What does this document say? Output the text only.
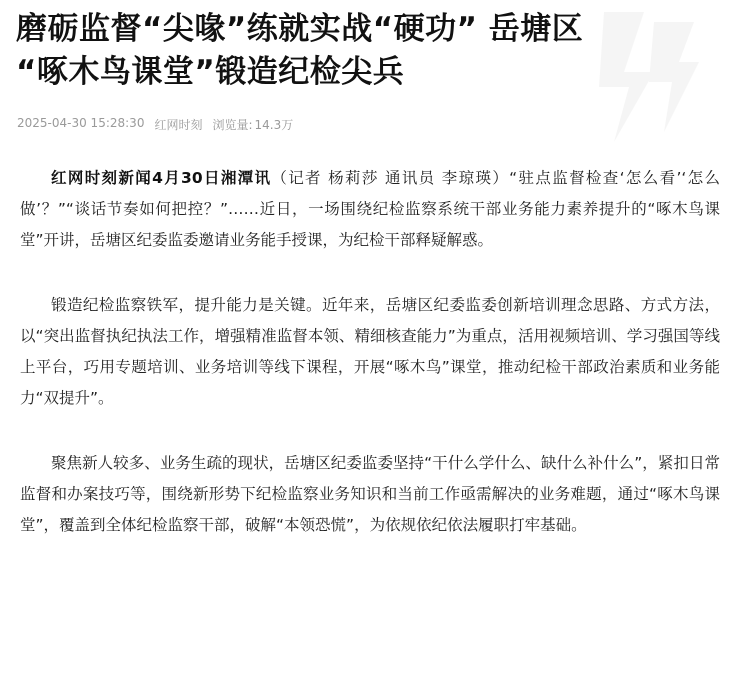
磨砺监督“尖喙”练就实战“硬功” 岳塘区
“啄木鸟课堂”锻造纪检尖兵
2025-04-30 15:28:30 红网时刻 浏览量: 14.3万

红网时刻新闻4月30日湘潭讯（记者 杨莉莎 通讯员 李琼瑛）“驻点监督检查‘怎么看’‘怎么做’？”“谈话节奏如何把控？”……近日，一场围绕纪检监察系统干部业务能力素养提升的“啄木鸟课堂”开讲，岳塘区纪委监委邀请业务能手授课，为纪检干部释疑解惑。

锻造纪检监察铁军，提升能力是关键。近年来，岳塘区纪委监委创新培训理念思路、方式方法，以“突出监督执纪执法工作，增强精准监督本领、精细核查能力”为重点，活用视频培训、学习强国等线上平台，巧用专题培训、业务培训等线下课程，开展“啄木鸟”课堂，推动纪检干部政治素质和业务能力“双提升”。

聚焦新人较多、业务生疏的现状，岳塘区纪委监委坚持“干什么学什么、缺什么补什么”，紧扣日常监督和办案技巧等，围绕新形势下纪检监察业务知识和当前工作亟需解决的业务难题，通过“啄木鸟课堂”，覆盖到全体纪检监察干部，破解“本领恐慌”，为依规依纪依法履职打牢基础。
